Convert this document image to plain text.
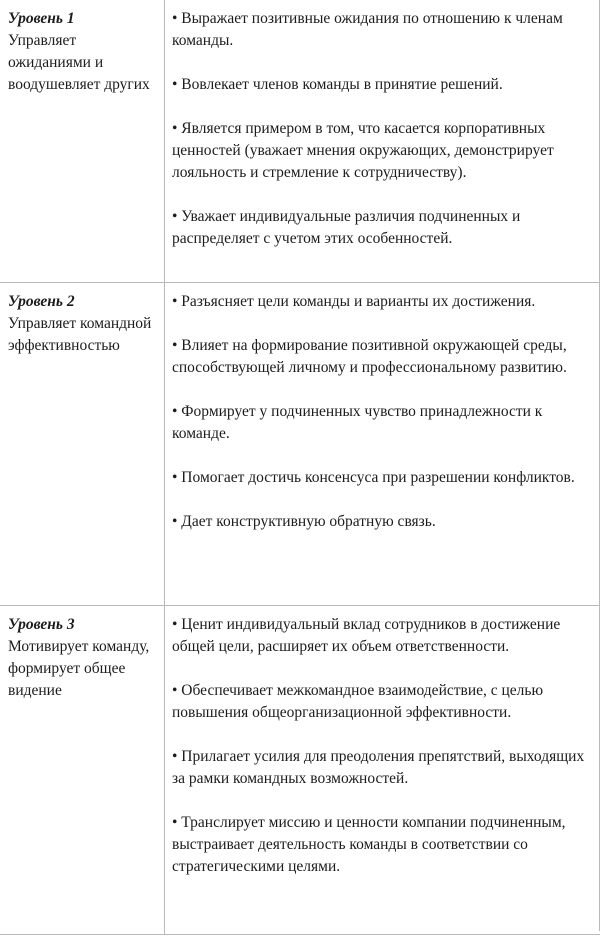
Уровень 1
Управляет ожиданиями и воодушевляет других
• Выражает позитивные ожидания по отношению к членам команды.
• Вовлекает членов команды в принятие решений.
• Является примером в том, что касается корпоративных ценностей (уважает мнения окружающих, демонстрирует лояльность и стремление к сотрудничеству).
• Уважает индивидуальные различия подчиненных и распределяет с учетом этих особенностей.
Уровень 2
Управляет командной эффективностью
• Разъясняет цели команды и варианты их достижения.
• Влияет на формирование позитивной окружающей среды, способствующей личному и профессиональному развитию.
• Формирует у подчиненных чувство принадлежности к команде.
• Помогает достичь консенсуса при разрешении конфликтов.
• Дает конструктивную обратную связь.
Уровень 3
Мотивирует команду, формирует общее видение
• Ценит индивидуальный вклад сотрудников в достижение общей цели, расширяет их объем ответственности.
• Обеспечивает межкомандное взаимодействие, с целью повышения общеорганизационной эффективности.
• Прилагает усилия для преодоления препятствий, выходящих за рамки командных возможностей.
• Транслирует миссию и ценности компании подчиненным, выстраивает деятельность команды в соответствии со стратегическими целями.
